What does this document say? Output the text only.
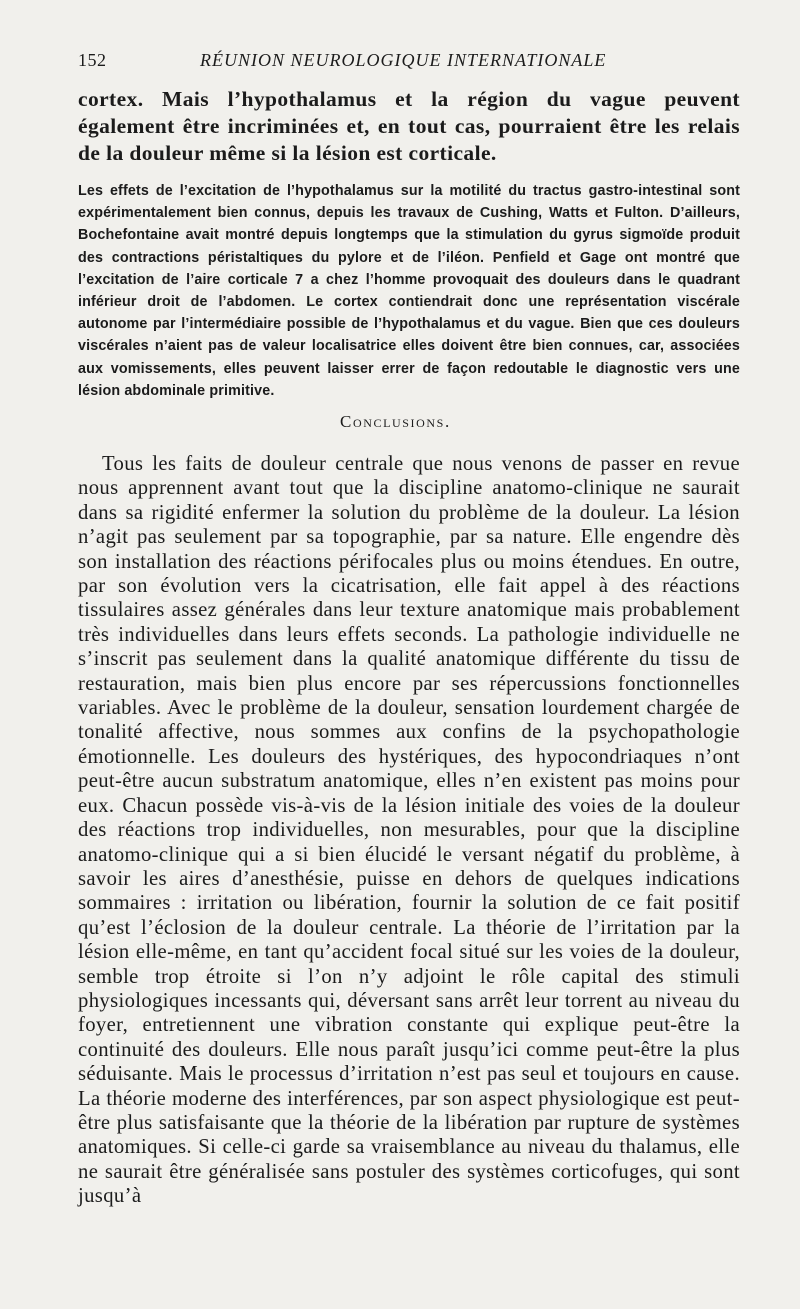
152	RÉUNION NEUROLOGIQUE INTERNATIONALE

cortex. Mais l’hypothalamus et la région du vague peuvent également être incriminées et, en tout cas, pourraient être les relais de la douleur même si la lésion est corticale.

Les effets de l’excitation de l’hypothalamus sur la motilité du tractus gastro-intestinal sont expérimentalement bien connus, depuis les travaux de Cushing, Watts et Fulton. D’ailleurs, Bochefontaine avait montré depuis longtemps que la stimulation du gyrus sigmoïde produit des contractions péristaltiques du pylore et de l’iléon. Penfield et Gage ont montré que l’excitation de l’aire corticale 7 a chez l’homme provoquait des douleurs dans le quadrant inférieur droit de l’abdomen. Le cortex contiendrait donc une représentation viscérale autonome par l’intermédiaire possible de l’hypothalamus et du vague. Bien que ces douleurs viscérales n’aient pas de valeur localisatrice elles doivent être bien connues, car, associées aux vomissements, elles peuvent laisser errer de façon redoutable le diagnostic vers une lésion abdominale primitive.

Conclusions.

Tous les faits de douleur centrale que nous venons de passer en revue nous apprennent avant tout que la discipline anatomo-clinique ne saurait dans sa rigidité enfermer la solution du problème de la douleur. La lésion n’agit pas seulement par sa topographie, par sa nature. Elle engendre dès son installation des réactions périfocales plus ou moins étendues. En outre, par son évolution vers la cicatrisation, elle fait appel à des réactions tissulaires assez générales dans leur texture anatomique mais probablement très individuelles dans leurs effets seconds. La pathologie individuelle ne s’inscrit pas seulement dans la qualité anatomique différente du tissu de restauration, mais bien plus encore par ses répercussions fonctionnelles variables. Avec le problème de la douleur, sensation lourdement chargée de tonalité affective, nous sommes aux confins de la psychopathologie émotionnelle. Les douleurs des hystériques, des hypocondriaques n’ont peut-être aucun substratum anatomique, elles n’en existent pas moins pour eux. Chacun possède vis-à-vis de la lésion initiale des voies de la douleur des réactions trop individuelles, non mesurables, pour que la discipline anatomo-clinique qui a si bien élucidé le versant négatif du problème, à savoir les aires d’anesthésie, puisse en dehors de quelques indications sommaires : irritation ou libération, fournir la solution de ce fait positif qu’est l’éclosion de la douleur centrale. La théorie de l’irritation par la lésion elle-même, en tant qu’accident focal situé sur les voies de la douleur, semble trop étroite si l’on n’y adjoint le rôle capital des stimuli physiologiques incessants qui, déversant sans arrêt leur torrent au niveau du foyer, entretiennent une vibration constante qui explique peut-être la continuité des douleurs. Elle nous paraît jusqu’ici comme peut-être la plus séduisante. Mais le processus d’irritation n’est pas seul et toujours en cause. La théorie moderne des interférences, par son aspect physiologique est peut-être plus satisfaisante que la théorie de la libération par rupture de systèmes anatomiques. Si celle-ci garde sa vraisemblance au niveau du thalamus, elle ne saurait être généralisée sans postuler des systèmes corticofuges, qui sont jusqu’à
